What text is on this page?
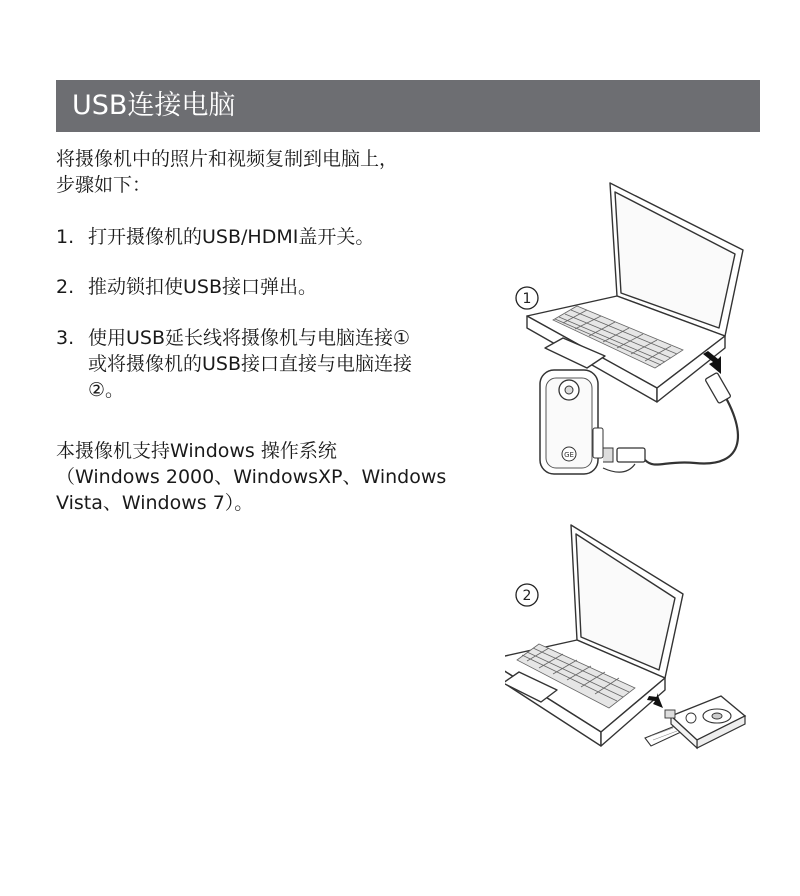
USB连接电脑
将摄像机中的照片和视频复制到电脑上，
步骤如下：
1. 打开摄像机的USB/HDMI盖开关。
2. 推动锁扣使USB接口弹出。
3. 使用USB延长线将摄像机与电脑连接①
或将摄像机的USB接口直接与电脑连接
②。
本摄像机支持Windows 操作系统
（Windows 2000、WindowsXP、Windows
Vista、Windows 7）。
1
GE
2
